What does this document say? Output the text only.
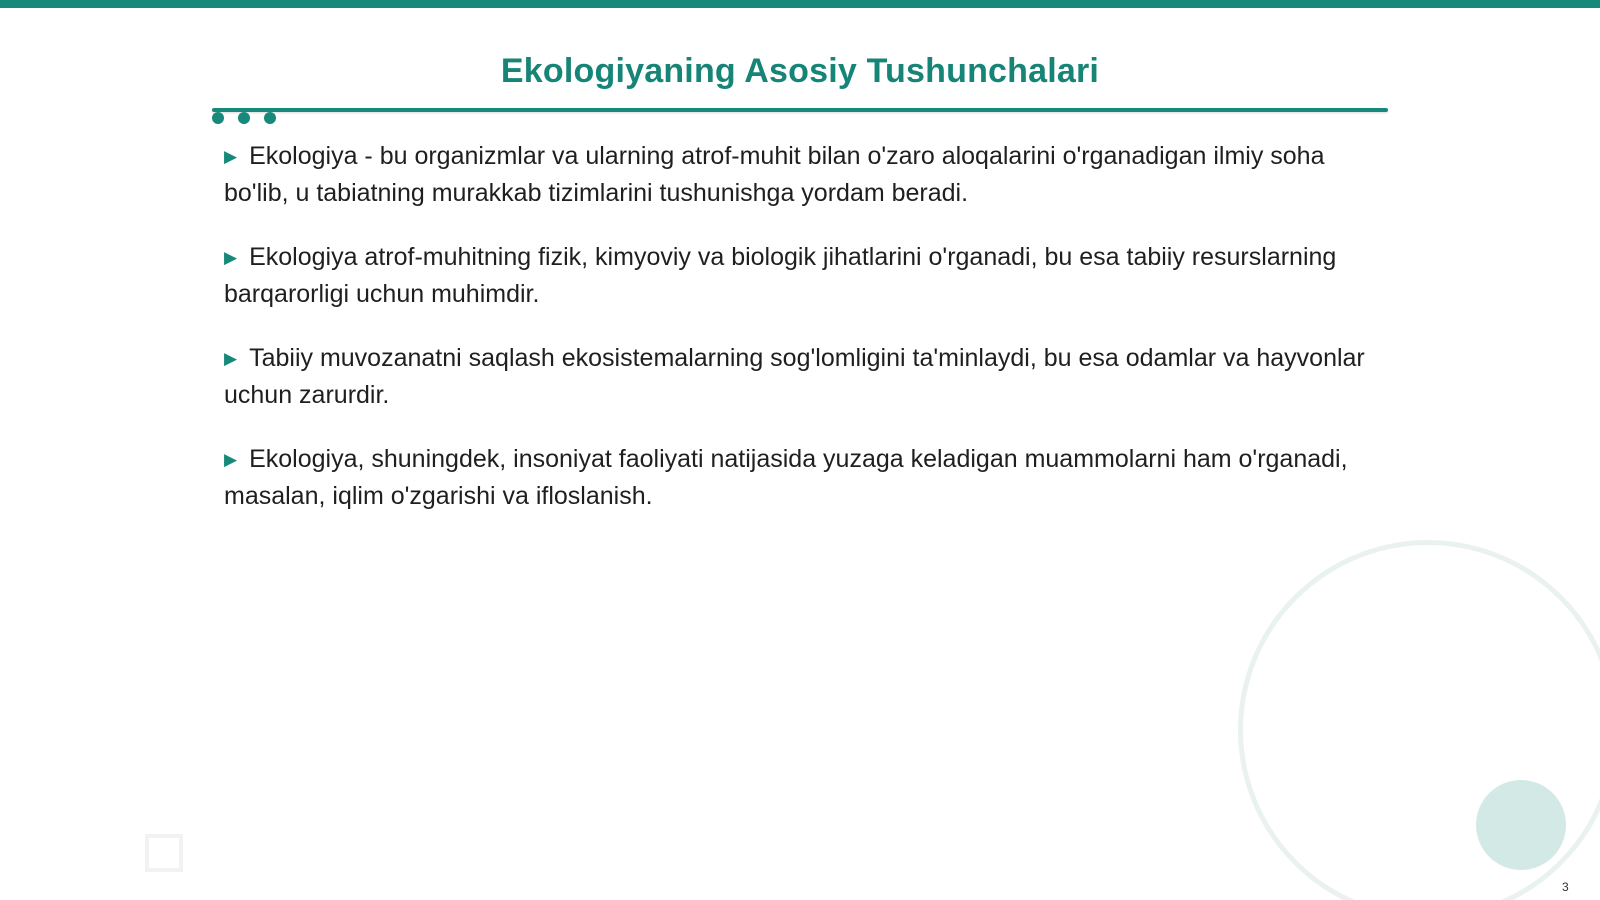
Ekologiyaning Asosiy Tushunchalari
▶ Ekologiya - bu organizmlar va ularning atrof-muhit bilan o'zaro aloqalarini o'rganadigan ilmiy soha bo'lib, u tabiatning murakkab tizimlarini tushunishga yordam beradi.
▶ Ekologiya atrof-muhitning fizik, kimyoviy va biologik jihatlarini o'rganadi, bu esa tabiiy resurslarning barqarorligi uchun muhimdir.
▶ Tabiiy muvozanatni saqlash ekosistemalarning sog'lomligini ta'minlaydi, bu esa odamlar va hayvonlar uchun zarurdir.
▶ Ekologiya, shuningdek, insoniyat faoliyati natijasida yuzaga keladigan muammolarni ham o'rganadi, masalan, iqlim o'zgarishi va ifloslanish.
3
